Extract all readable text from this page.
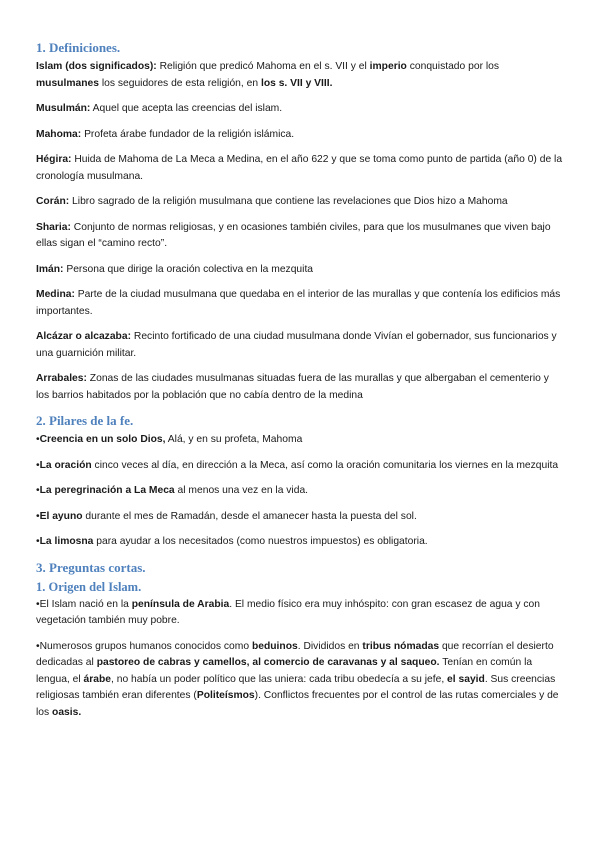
1. Definiciones.

Islam (dos significados): Religión que predicó Mahoma en el s. VII y el imperio conquistado por los musulmanes los seguidores de esta religión, en los s. VII y VIII.

Musulmán: Aquel que acepta las creencias del islam.

Mahoma: Profeta árabe fundador de la religión islámica.

Hégira: Huida de Mahoma de La Meca a Medina, en el año 622 y que se toma como punto de partida (año 0) de la cronología musulmana.

Corán: Libro sagrado de la religión musulmana que contiene las revelaciones que Dios hizo a Mahoma

Sharia: Conjunto de normas religiosas, y en ocasiones también civiles, para que los musulmanes que viven bajo ellas sigan el “camino recto”.

Imán: Persona que dirige la oración colectiva en la mezquita

Medina: Parte de la ciudad musulmana que quedaba en el interior de las murallas y que contenía los edificios más importantes.

Alcázar o alcazaba: Recinto fortificado de una ciudad musulmana donde Vivían el gobernador, sus funcionarios y una guarnición militar.

Arrabales: Zonas de las ciudades musulmanas situadas fuera de las murallas y que albergaban el cementerio y los barrios habitados por la población que no cabía dentro de la medina

2. Pilares de la fe.

•Creencia en un solo Dios, Alá, y en su profeta, Mahoma

•La oración cinco veces al día, en dirección a la Meca, así como la oración comunitaria los viernes en la mezquita

•La peregrinación a La Meca al menos una vez en la vida.

•El ayuno durante el mes de Ramadán, desde el amanecer hasta la puesta del sol.

•La limosna para ayudar a los necesitados (como nuestros impuestos) es obligatoria.

3. Preguntas cortas.
1. Origen del Islam.

•El Islam nació en la península de Arabia. El medio físico era muy inhóspito: con gran escasez de agua y con vegetación también muy pobre.

•Numerosos grupos humanos conocidos como beduinos. Divididos en tribus nómadas que recorrían el desierto dedicadas al pastoreo de cabras y camellos, al comercio de caravanas y al saqueo. Tenían en común la lengua, el árabe, no había un poder político que las uniera: cada tribu obedecía a su jefe, el sayid. Sus creencias religiosas también eran diferentes (Politeísmos). Conflictos frecuentes por el control de las rutas comerciales y de los oasis.
